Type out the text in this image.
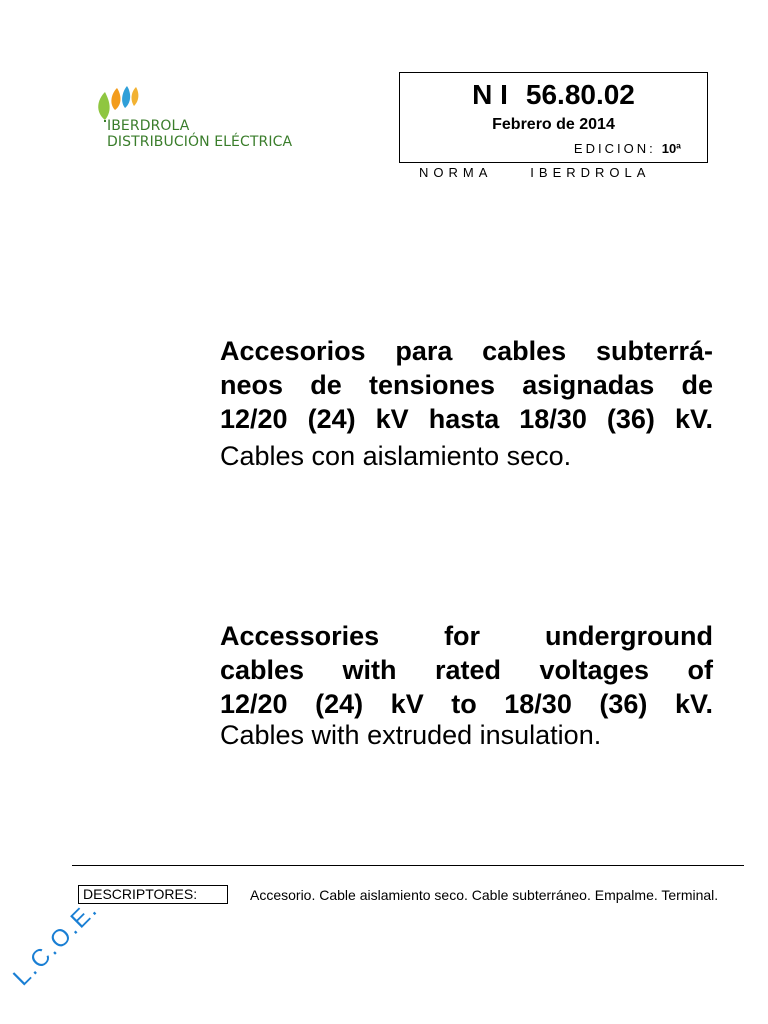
IBERDROLA
DISTRIBUCIÓN ELÉCTRICA
N I 56.80.02
Febrero de 2014
EDICION: 10ª
NORMA IBERDROLA
Accesorios para cables subterrá-
neos de tensiones asignadas de
12/20 (24) kV hasta 18/30 (36) kV.
Cables con aislamiento seco.
Accessories for underground
cables with rated voltages of
12/20 (24) kV to 18/30 (36) kV.
Cables with extruded insulation.
DESCRIPTORES:	Accesorio. Cable aislamiento seco. Cable subterráneo. Empalme. Terminal.
L.C.O.E.
